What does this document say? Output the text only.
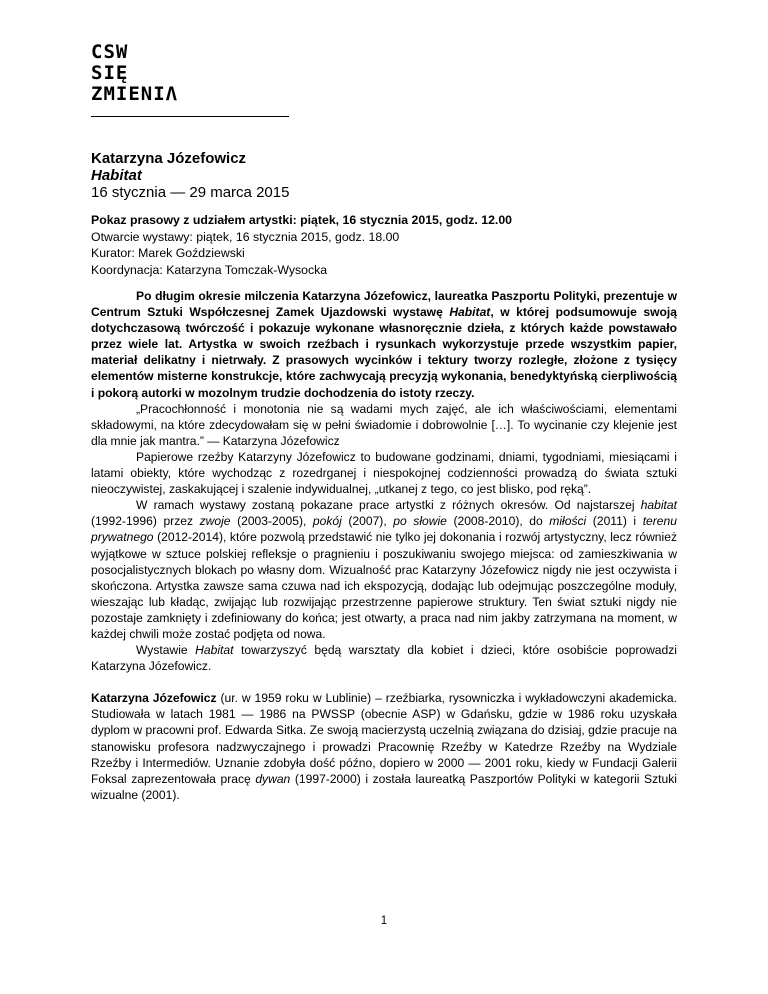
CSW
SIĘ
ZMIENIΛ
Katarzyna Józefowicz
Habitat
16 stycznia — 29 marca 2015
Pokaz prasowy z udziałem artystki: piątek, 16 stycznia 2015, godz. 12.00
Otwarcie wystawy: piątek, 16 stycznia 2015, godz. 18.00
Kurator: Marek Goździewski
Koordynacja: Katarzyna Tomczak-Wysocka

Po długim okresie milczenia Katarzyna Józefowicz, laureatka Paszportu Polityki, prezentuje w Centrum Sztuki Współczesnej Zamek Ujazdowski wystawę Habitat, w której podsumowuje swoją dotychczasową twórczość i pokazuje wykonane własnoręcznie dzieła, z których każde powstawało przez wiele lat. Artystka w swoich rzeźbach i rysunkach wykorzystuje przede wszystkim papier, materiał delikatny i nietrwały. Z prasowych wycinków i tektury tworzy rozległe, złożone z tysięcy elementów misterne konstrukcje, które zachwycają precyzją wykonania, benedyktyńską cierpliwością i pokorą autorki w mozolnym trudzie dochodzenia do istoty rzeczy.

„Pracochłonność i monotonia nie są wadami mych zajęć, ale ich właściwościami, elementami składowymi, na które zdecydowałam się w pełni świadomie i dobrowolnie […]. To wycinanie czy klejenie jest dla mnie jak mantra.” — Katarzyna Józefowicz

Papierowe rzeźby Katarzyny Józefowicz to budowane godzinami, dniami, tygodniami, miesiącami i latami obiekty, które wychodząc z rozedrganej i niespokojnej codzienności prowadzą do świata sztuki nieoczywistej, zaskakującej i szalenie indywidualnej, „utkanej z tego, co jest blisko, pod ręką”.

W ramach wystawy zostaną pokazane prace artystki z różnych okresów. Od najstarszej habitat (1992-1996) przez zwoje (2003-2005), pokój (2007), po słowie (2008-2010), do miłości (2011) i terenu prywatnego (2012-2014), które pozwolą przedstawić nie tylko jej dokonania i rozwój artystyczny, lecz również wyjątkowe w sztuce polskiej refleksje o pragnieniu i poszukiwaniu swojego miejsca: od zamieszkiwania w posocjalistycznych blokach po własny dom. Wizualność prac Katarzyny Józefowicz nigdy nie jest oczywista i skończona. Artystka zawsze sama czuwa nad ich ekspozycją, dodając lub odejmując poszczególne moduły, wieszając lub kładąc, zwijając lub rozwijając przestrzenne papierowe struktury. Ten świat sztuki nigdy nie pozostaje zamknięty i zdefiniowany do końca; jest otwarty, a praca nad nim jakby zatrzymana na moment, w każdej chwili może zostać podjęta od nowa.

Wystawie Habitat towarzyszyć będą warsztaty dla kobiet i dzieci, które osobiście poprowadzi Katarzyna Józefowicz.

Katarzyna Józefowicz (ur. w 1959 roku w Lublinie) – rzeźbiarka, rysowniczka i wykładowczyni akademicka. Studiowała w latach 1981 — 1986 na PWSSP (obecnie ASP) w Gdańsku, gdzie w 1986 roku uzyskała dyplom w pracowni prof. Edwarda Sitka. Ze swoją macierzystą uczelnią związana do dzisiaj, gdzie pracuje na stanowisku profesora nadzwyczajnego i prowadzi Pracownię Rzeźby w Katedrze Rzeźby na Wydziale Rzeźby i Intermediów. Uznanie zdobyła dość późno, dopiero w 2000 — 2001 roku, kiedy w Fundacji Galerii Foksal zaprezentowała pracę dywan (1997-2000) i została laureatką Paszportów Polityki w kategorii Sztuki wizualne (2001).

1
